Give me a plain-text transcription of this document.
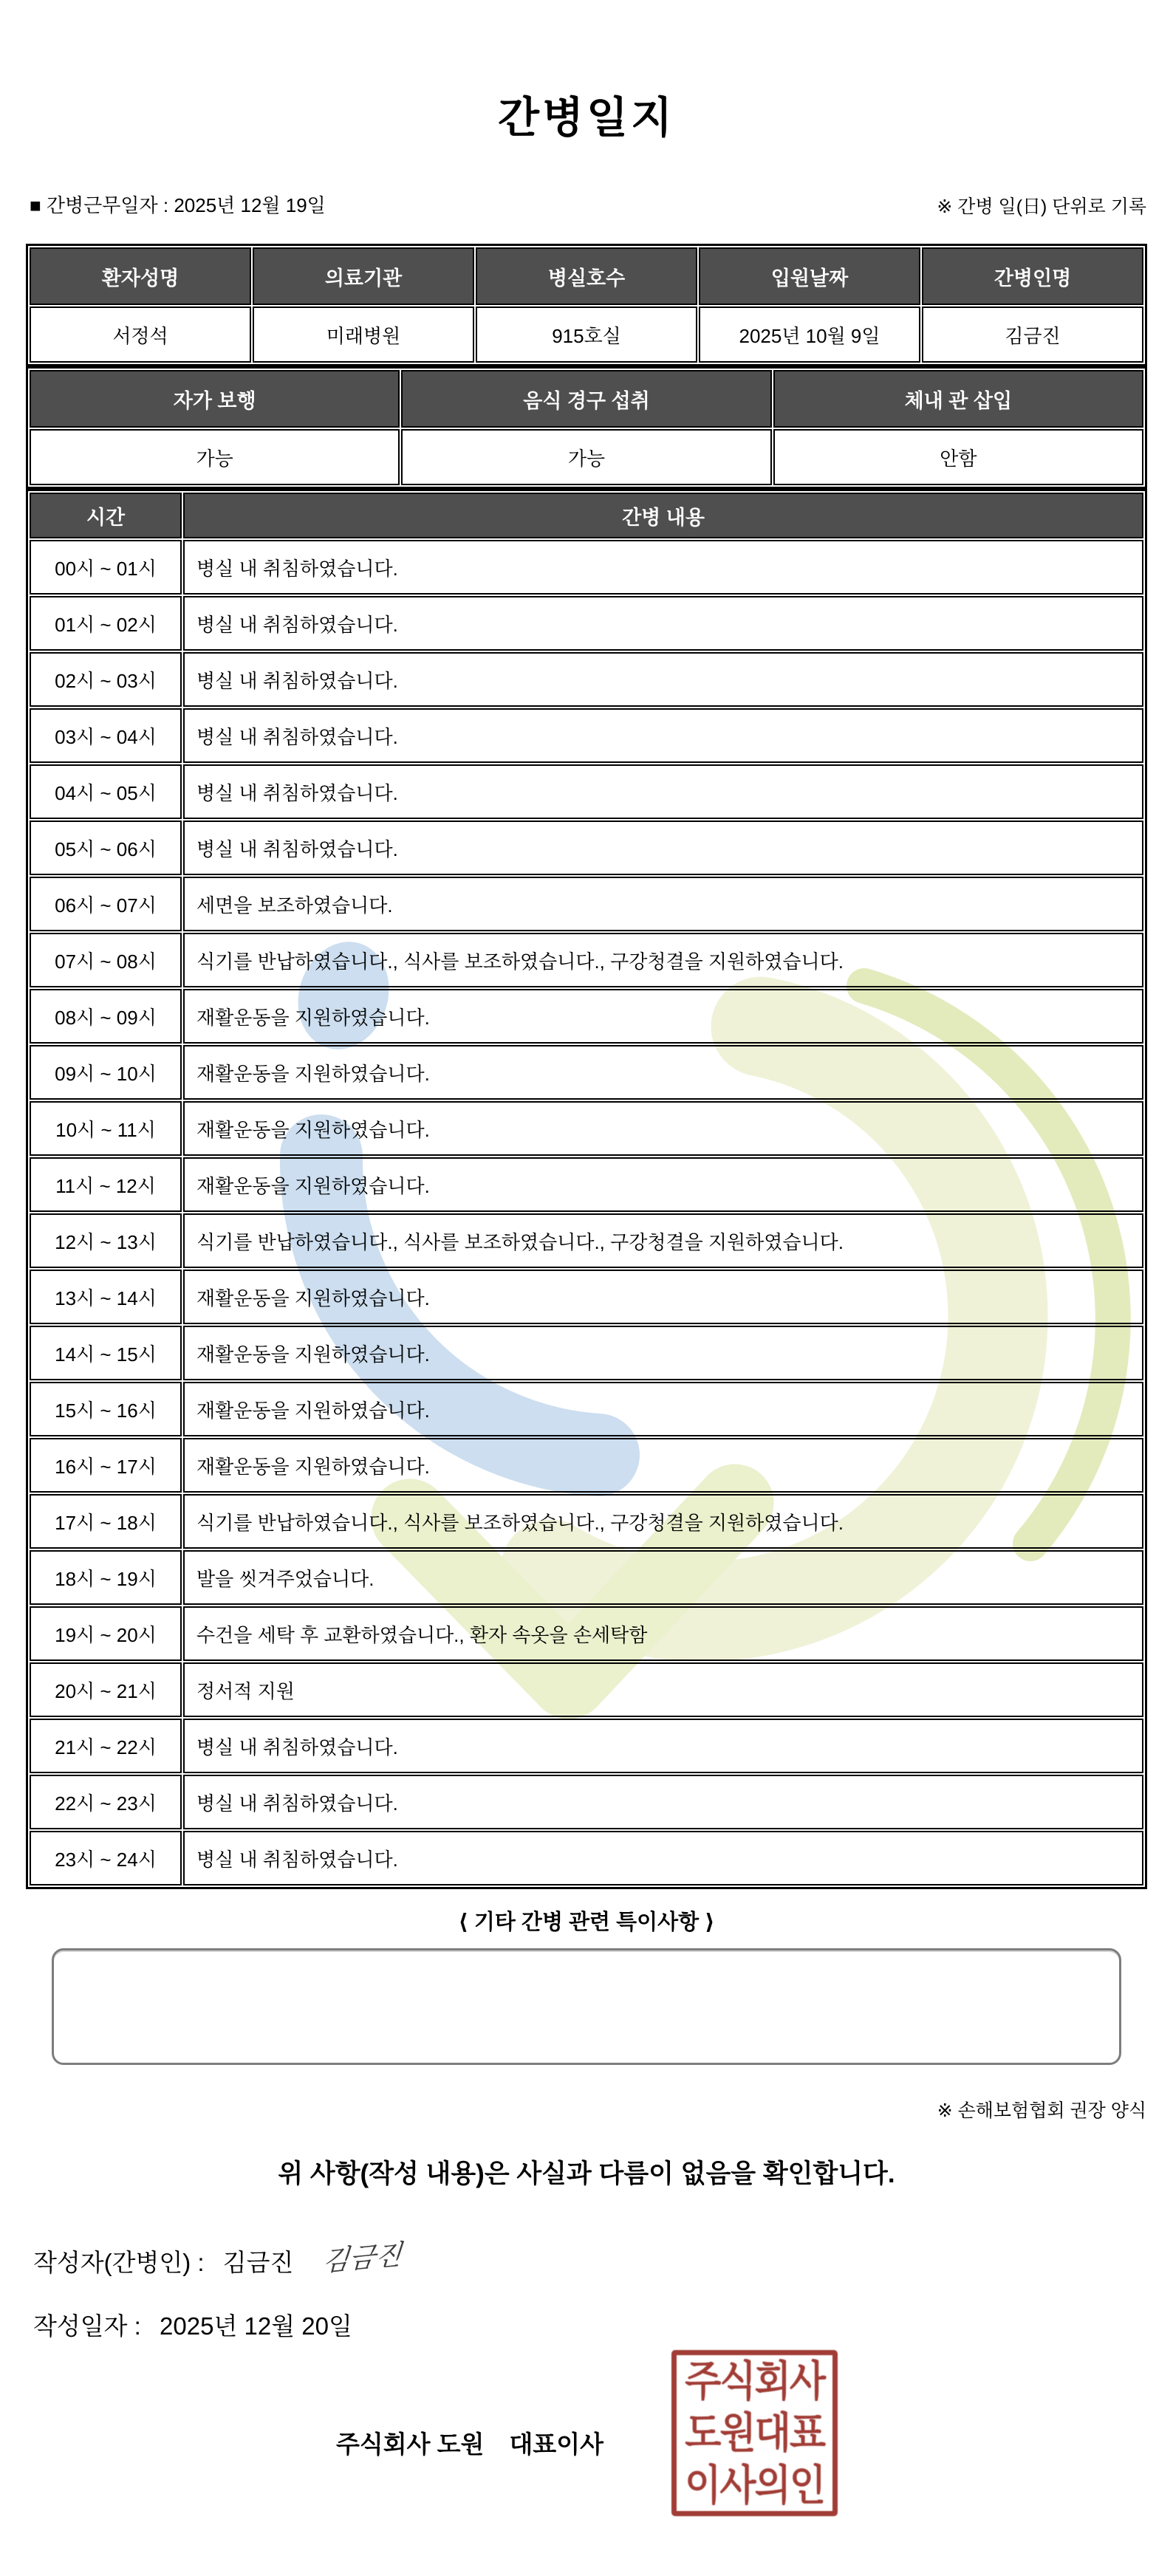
간병일지
■ 간병근무일자 : 2025년 12월 19일	※ 간병 일(日) 단위로 기록
환자성명	의료기관	병실호수	입원날짜	간병인명
서정석	미래병원	915호실	2025년 10월 9일	김금진
자가 보행	음식 경구 섭취	체내 관 삽입
가능	가능	안함
시간	간병 내용
00시 ~ 01시	병실 내 취침하였습니다.
01시 ~ 02시	병실 내 취침하였습니다.
02시 ~ 03시	병실 내 취침하였습니다.
03시 ~ 04시	병실 내 취침하였습니다.
04시 ~ 05시	병실 내 취침하였습니다.
05시 ~ 06시	병실 내 취침하였습니다.
06시 ~ 07시	세면을 보조하였습니다.
07시 ~ 08시	식기를 반납하였습니다., 식사를 보조하였습니다., 구강청결을 지원하였습니다.
08시 ~ 09시	재활운동을 지원하였습니다.
09시 ~ 10시	재활운동을 지원하였습니다.
10시 ~ 11시	재활운동을 지원하였습니다.
11시 ~ 12시	재활운동을 지원하였습니다.
12시 ~ 13시	식기를 반납하였습니다., 식사를 보조하였습니다., 구강청결을 지원하였습니다.
13시 ~ 14시	재활운동을 지원하였습니다.
14시 ~ 15시	재활운동을 지원하였습니다.
15시 ~ 16시	재활운동을 지원하였습니다.
16시 ~ 17시	재활운동을 지원하였습니다.
17시 ~ 18시	식기를 반납하였습니다., 식사를 보조하였습니다., 구강청결을 지원하였습니다.
18시 ~ 19시	발을 씻겨주었습니다.
19시 ~ 20시	수건을 세탁 후 교환하였습니다., 환자 속옷을 손세탁함
20시 ~ 21시	정서적 지원
21시 ~ 22시	병실 내 취침하였습니다.
22시 ~ 23시	병실 내 취침하였습니다.
23시 ~ 24시	병실 내 취침하였습니다.
⟨ 기타 간병 관련 특이사항 ⟩
※ 손해보험협회 권장 양식
위 사항(작성 내용)은 사실과 다름이 없음을 확인합니다.
작성자(간병인) : 김금진 김금진
작성일자 : 2025년 12월 20일
주식회사 도원 대표이사
주식회사
도원대표
이사의인
